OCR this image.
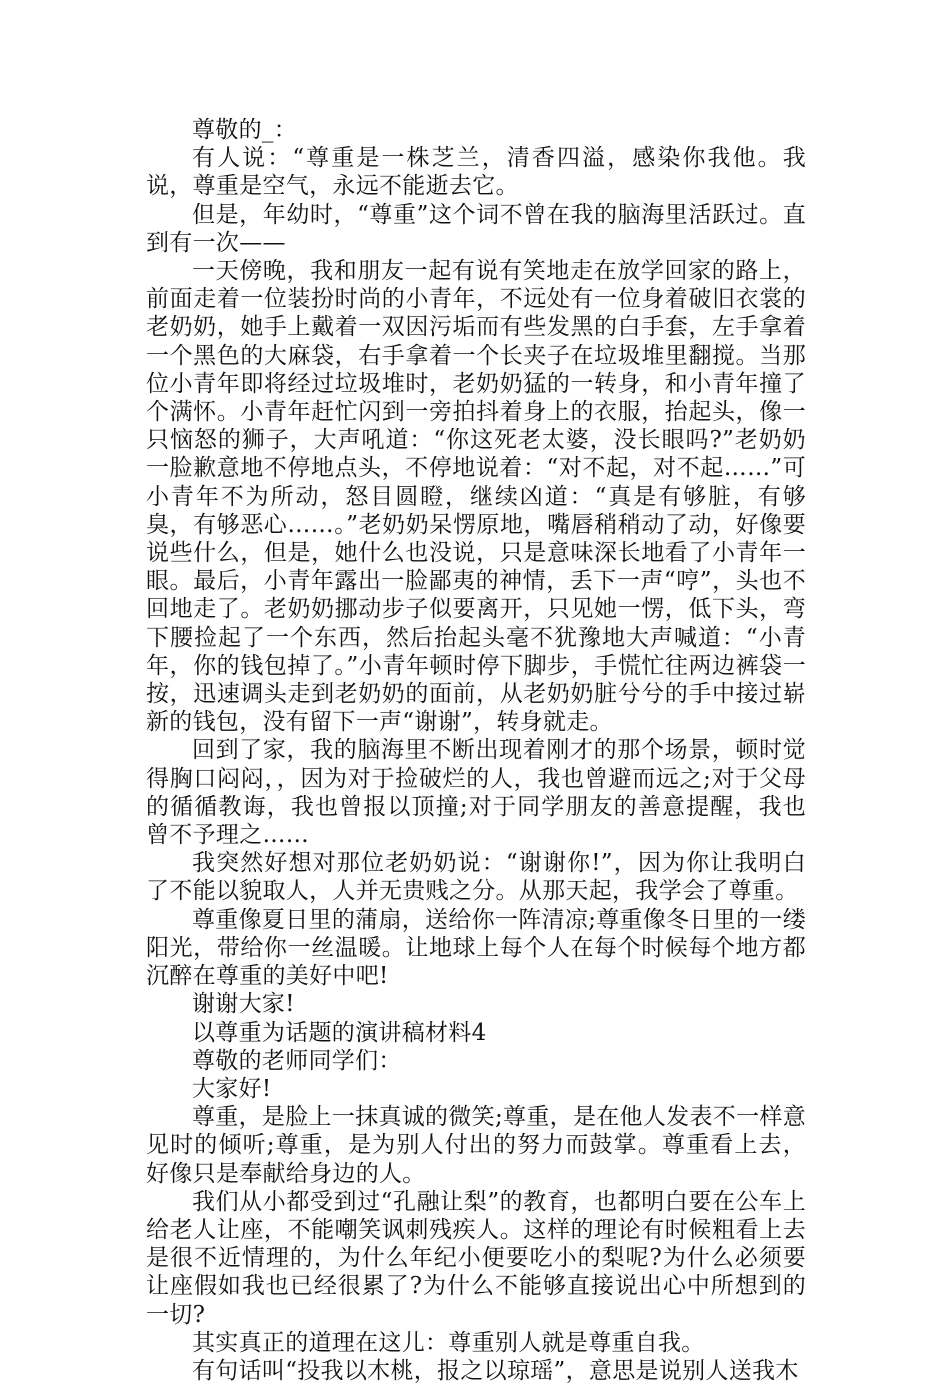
尊敬的_：

有人说：“尊重是一株芝兰，清香四溢，感染你我他。我说，尊重是空气，永远不能逝去它。

但是，年幼时，“尊重”这个词不曾在我的脑海里活跃过。直到有一次——

一天傍晚，我和朋友一起有说有笑地走在放学回家的路上，前面走着一位装扮时尚的小青年，不远处有一位身着破旧衣裳的老奶奶，她手上戴着一双因污垢而有些发黑的白手套，左手拿着一个黑色的大麻袋，右手拿着一个长夹子在垃圾堆里翻搅。当那位小青年即将经过垃圾堆时，老奶奶猛的一转身，和小青年撞了个满怀。小青年赶忙闪到一旁拍抖着身上的衣服，抬起头，像一只恼怒的狮子，大声吼道：“你这死老太婆，没长眼吗?”老奶奶一脸歉意地不停地点头，不停地说着：“对不起，对不起……”可小青年不为所动，怒目圆瞪，继续凶道：“真是有够脏，有够臭，有够恶心……。”老奶奶呆愣原地，嘴唇稍稍动了动，好像要说些什么，但是，她什么也没说，只是意味深长地看了小青年一眼。最后，小青年露出一脸鄙夷的神情，丢下一声“哼”，头也不回地走了。老奶奶挪动步子似要离开，只见她一愣，低下头，弯下腰捡起了一个东西，然后抬起头毫不犹豫地大声喊道：“小青年，你的钱包掉了。”小青年顿时停下脚步，手慌忙往两边裤袋一按，迅速调头走到老奶奶的面前，从老奶奶脏兮兮的手中接过崭新的钱包，没有留下一声“谢谢”，转身就走。

回到了家，我的脑海里不断出现着刚才的那个场景，顿时觉得胸口闷闷，，因为对于捡破烂的人，我也曾避而远之;对于父母的循循教诲，我也曾报以顶撞;对于同学朋友的善意提醒，我也曾不予理之……

我突然好想对那位老奶奶说：“谢谢你!”，因为你让我明白了不能以貌取人，人并无贵贱之分。从那天起，我学会了尊重。

尊重像夏日里的蒲扇，送给你一阵清凉;尊重像冬日里的一缕阳光，带给你一丝温暖。让地球上每个人在每个时候每个地方都沉醉在尊重的美好中吧!

谢谢大家!

以尊重为话题的演讲稿材料4

尊敬的老师同学们：

大家好!

尊重，是脸上一抹真诚的微笑;尊重，是在他人发表不一样意见时的倾听;尊重，是为别人付出的努力而鼓掌。尊重看上去，好像只是奉献给身边的人。

我们从小都受到过“孔融让梨”的教育，也都明白要在公车上给老人让座，不能嘲笑讽刺残疾人。这样的理论有时候粗看上去是很不近情理的，为什么年纪小便要吃小的梨呢?为什么必须要让座假如我也已经很累了?为什么不能够直接说出心中所想到的一切?

其实真正的道理在这儿：尊重别人就是尊重自我。

有句话叫“投我以木桃，报之以琼瑶”，意思是说别人送我木
